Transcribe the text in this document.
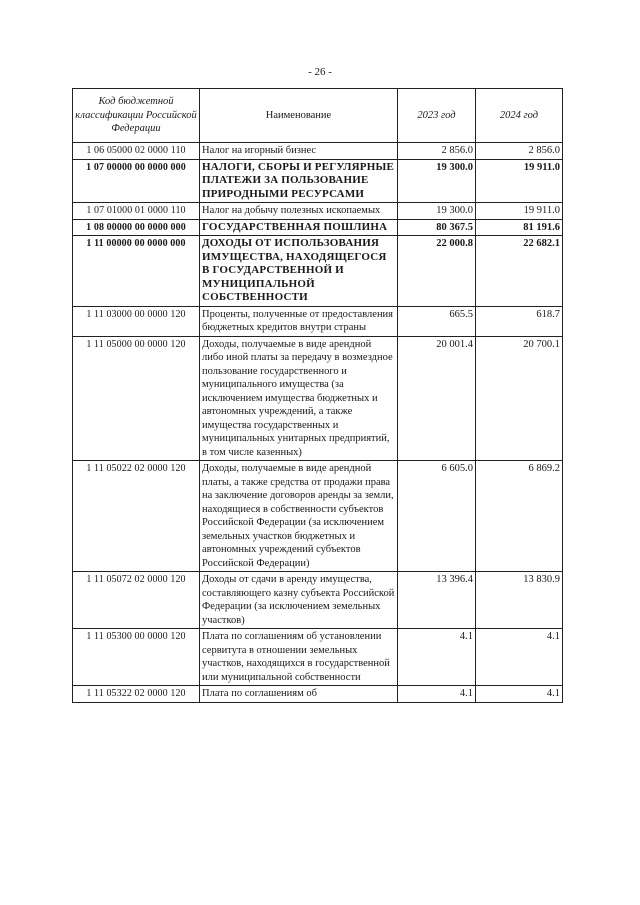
- 26 -
Код бюджетной классификации Российской Федерации	Наименование	2023 год	2024 год
1 06 05000 02 0000 110	Налог на игорный бизнес	2 856.0	2 856.0
1 07 00000 00 0000 000	НАЛОГИ, СБОРЫ И РЕГУЛЯРНЫЕ ПЛАТЕЖИ ЗА ПОЛЬЗОВАНИЕ ПРИРОДНЫМИ РЕСУРСАМИ	19 300.0	19 911.0
1 07 01000 01 0000 110	Налог на добычу полезных ископаемых	19 300.0	19 911.0
1 08 00000 00 0000 000	ГОСУДАРСТВЕННАЯ ПОШЛИНА	80 367.5	81 191.6
1 11 00000 00 0000 000	ДОХОДЫ ОТ ИСПОЛЬЗОВАНИЯ ИМУЩЕСТВА, НАХОДЯЩЕГОСЯ В ГОСУДАРСТВЕННОЙ И МУНИЦИПАЛЬНОЙ СОБСТВЕННОСТИ	22 000.8	22 682.1
1 11 03000 00 0000 120	Проценты, полученные от предоставления бюджетных кредитов внутри страны	665.5	618.7
1 11 05000 00 0000 120	Доходы, получаемые в виде арендной либо иной платы за передачу в возмездное пользование государственного и муниципального имущества (за исключением имущества бюджетных и автономных учреждений, а также имущества государственных и муниципальных унитарных предприятий, в том числе казенных)	20 001.4	20 700.1
1 11 05022 02 0000 120	Доходы, получаемые в виде арендной платы, а также средства от продажи права на заключение договоров аренды за земли, находящиеся в собственности субъектов Российской Федерации (за исключением земельных участков бюджетных и автономных учреждений субъектов Российской Федерации)	6 605.0	6 869.2
1 11 05072 02 0000 120	Доходы от сдачи в аренду имущества, составляющего казну субъекта Российской Федерации (за исключением земельных участков)	13 396.4	13 830.9
1 11 05300 00 0000 120	Плата по соглашениям об установлении сервитута в отношении земельных участков, находящихся в государственной или муниципальной собственности	4.1	4.1
1 11 05322 02 0000 120	Плата по соглашениям об	4.1	4.1
